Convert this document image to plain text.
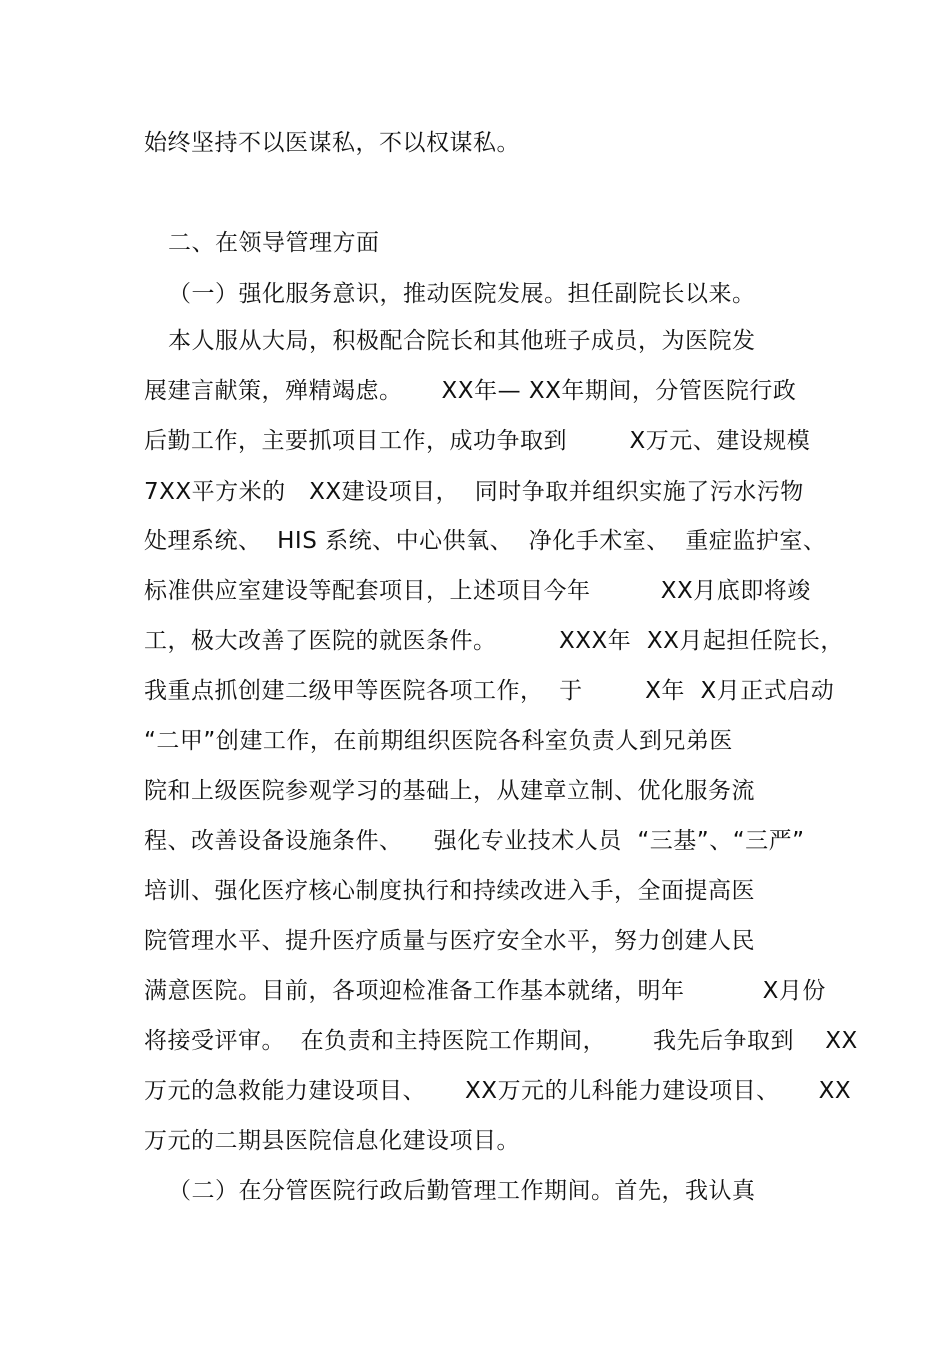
始终坚持不以医谋私，不以权谋私。
二、在领导管理方面
（一）强化服务意识，推动医院发展。担任副院长以来。
本人服从大局，积极配合院长和其他班子成员，为医院发
展建言献策，殚精竭虑。     XX年— XX年期间，分管医院行政
后勤工作，主要抓项目工作，成功争取到        X万元、建设规模
7XX平方米的   XX建设项目，  同时争取并组织实施了污水污物
处理系统、  HIS 系统、中心供氧、  净化手术室、  重症监护室、
标准供应室建设等配套项目，上述项目今年         XX月底即将竣
工，极大改善了医院的就医条件。        XXX年  XX月起担任院长，
我重点抓创建二级甲等医院各项工作，  于        X年  X月正式启动
“二甲”创建工作，在前期组织医院各科室负责人到兄弟医
院和上级医院参观学习的基础上，从建章立制、优化服务流
程、改善设备设施条件、    强化专业技术人员  “三基”、“三严”
培训、强化医疗核心制度执行和持续改进入手，全面提高医
院管理水平、提升医疗质量与医疗安全水平，努力创建人民
满意医院。目前，各项迎检准备工作基本就绪，明年          X月份
将接受评审。  在负责和主持医院工作期间，      我先后争取到    XX
万元的急救能力建设项目、     XX万元的儿科能力建设项目、     XX
万元的二期县医院信息化建设项目。
（二）在分管医院行政后勤管理工作期间。首先，我认真
